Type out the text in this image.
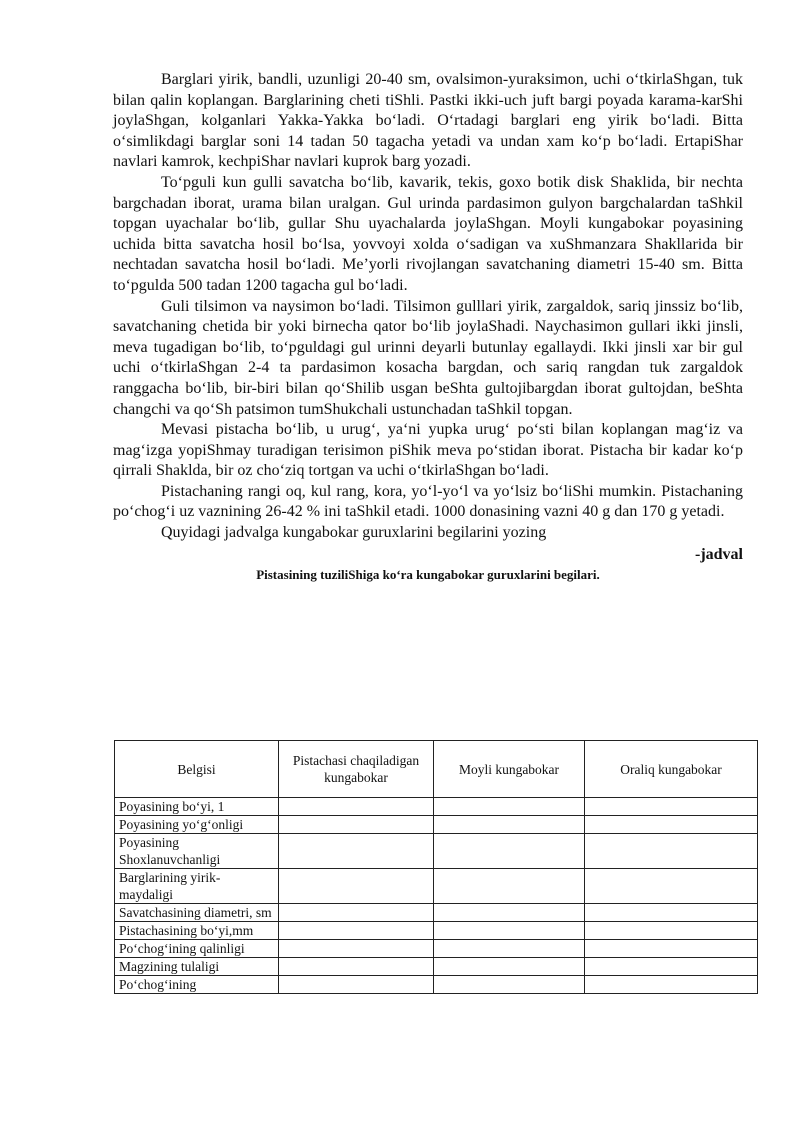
Barglari yirik, bandli, uzunligi 20-40 sm, ovalsimon-yuraksimon, uchi o‘tkirlaShgan, tuk bilan qalin koplangan. Barglarining cheti tiShli. Pastki ikki-uch juft bargi poyada karama-karShi joylaShgan, kolganlari Yakka-Yakka bo‘ladi. O‘rtadagi barglari eng yirik bo‘ladi. Bitta o‘simlikdagi barglar soni 14 tadan 50 tagacha yetadi va undan xam ko‘p bo‘ladi. ErtapiShar navlari kamrok, kechpiShar navlari kuprok barg yozadi.

To‘pguli kun gulli savatcha bo‘lib, kavarik, tekis, goxo botik disk Shaklida, bir nechta bargchadan iborat, urama bilan uralgan. Gul urinda pardasimon gulyon bargchalardan taShkil topgan uyachalar bo‘lib, gullar Shu uyachalarda joylaShgan. Moyli kungabokar poyasining uchida bitta savatcha hosil bo‘lsa, yovvoyi xolda o‘sadigan va xuShmanzara Shakllarida bir nechtadan savatcha hosil bo‘ladi. Me’yorli rivojlangan savatchaning diametri 15-40 sm. Bitta to‘pgulda 500 tadan 1200 tagacha gul bo‘ladi.

Guli tilsimon va naysimon bo‘ladi. Tilsimon gulllari yirik, zargaldok, sariq jinssiz bo‘lib, savatchaning chetida bir yoki birnecha qator bo‘lib joylaShadi. Naychasimon gullari ikki jinsli, meva tugadigan bo‘lib, to‘pguldagi gul urinni deyarli butunlay egallaydi. Ikki jinsli xar bir gul uchi o‘tkirlaShgan 2-4 ta pardasimon kosacha bargdan, och sariq rangdan tuk zargaldok ranggacha bo‘lib, bir-biri bilan qo‘Shilib usgan beShta gultojibargdan iborat gultojdan, beShta changchi va qo‘Sh patsimon tumShukchali ustunchadan taShkil topgan.

Mevasi pistacha bo‘lib, u urug‘, ya‘ni yupka urug‘ po‘sti bilan koplangan mag‘iz va mag‘izga yopiShmay turadigan terisimon piShik meva po‘stidan iborat. Pistacha bir kadar ko‘p qirrali Shaklda, bir oz cho‘ziq tortgan va uchi o‘tkirlaShgan bo‘ladi.

Pistachaning rangi oq, kul rang, kora, yo‘l-yo‘l va yo‘lsiz bo‘liShi mumkin. Pistachaning po‘chog‘i uz vaznining 26-42 % ini taShkil etadi. 1000 donasining vazni 40 g dan 170 g yetadi.

Quyidagi jadvalga kungabokar guruxlarini begilarini yozing

-jadval

Pistasining tuziliShiga ko‘ra kungabokar guruxlarini begilari.

Belgisi	Pistachasi chaqiladigan kungabokar	Moyli kungabokar	Oraliq kungabokar
Poyasining bo‘yi, 1			
Poyasining yo‘g‘onligi			
Poyasining Shoxlanuvchanligi			
Barglarining yirik-maydaligi			
Savatchasining diametri, sm			
Pistachasining bo‘yi,mm			
Po‘chog‘ining qalinligi			
Magzining tulaligi			
Po‘chog‘ining			
